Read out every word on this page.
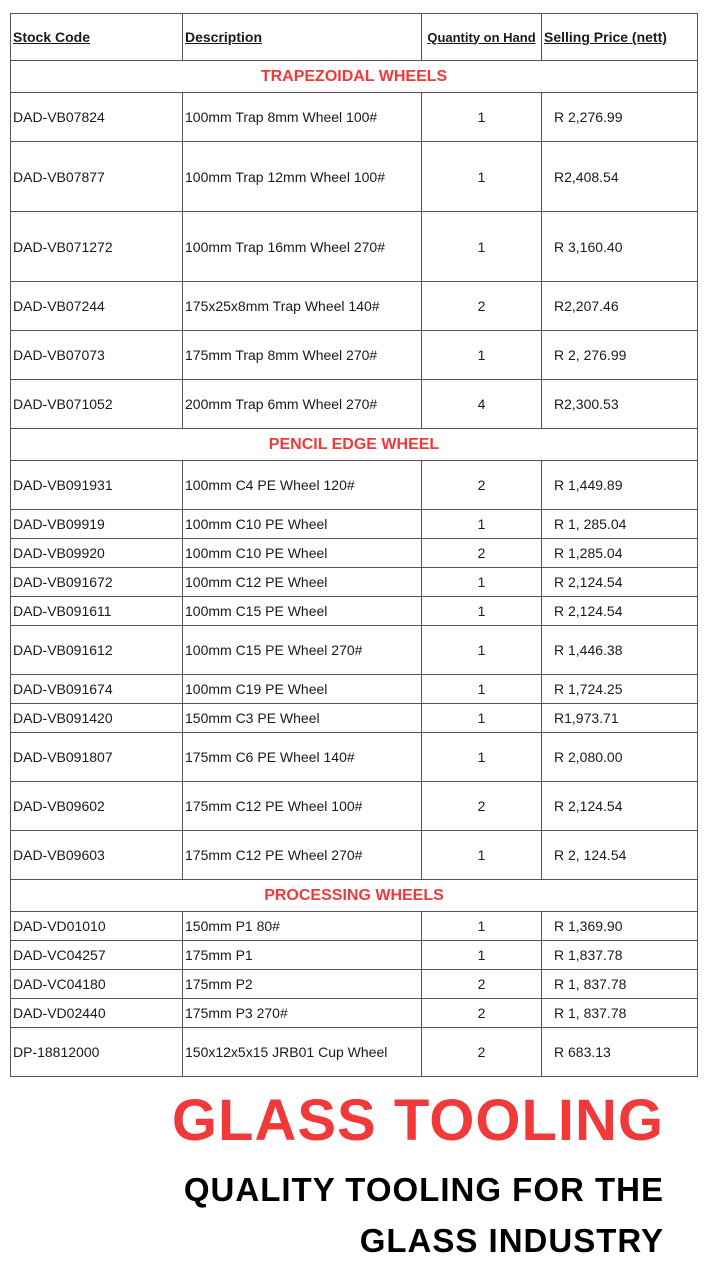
Stock Code	Description	Quantity on Hand	Selling Price (nett)
TRAPEZOIDAL WHEELS			
DAD-VB07824	100mm Trap 8mm Wheel 100#	1	R 2,276.99
DAD-VB07877	100mm Trap 12mm Wheel 100#	1	R2,408.54
DAD-VB071272	100mm Trap 16mm Wheel 270#	1	R 3,160.40
DAD-VB07244	175x25x8mm Trap Wheel 140#	2	R2,207.46
DAD-VB07073	175mm Trap 8mm Wheel 270#	1	R 2, 276.99
DAD-VB071052	200mm Trap 6mm Wheel 270#	4	R2,300.53
PENCIL EDGE WHEEL			
DAD-VB091931	100mm C4 PE Wheel 120#	2	R 1,449.89
DAD-VB09919	100mm C10 PE Wheel	1	R 1, 285.04
DAD-VB09920	100mm C10 PE Wheel	2	R 1,285.04
DAD-VB091672	100mm C12 PE Wheel	1	R 2,124.54
DAD-VB091611	100mm C15 PE Wheel	1	R 2,124.54
DAD-VB091612	100mm C15 PE Wheel 270#	1	R 1,446.38
DAD-VB091674	100mm C19 PE Wheel	1	R 1,724.25
DAD-VB091420	150mm C3 PE Wheel	1	R1,973.71
DAD-VB091807	175mm C6 PE Wheel 140#	1	R 2,080.00
DAD-VB09602	175mm C12 PE Wheel 100#	2	R 2,124.54
DAD-VB09603	175mm C12 PE Wheel 270#	1	R 2, 124.54
PROCESSING WHEELS			
DAD-VD01010	150mm P1 80#	1	R 1,369.90
DAD-VC04257	175mm P1	1	R 1,837.78
DAD-VC04180	175mm P2	2	R 1, 837.78
DAD-VD02440	175mm P3 270#	2	R 1, 837.78
DP-18812000	150x12x5x15 JRB01 Cup Wheel	2	R 683.13

GLASS TOOLING

QUALITY TOOLING FOR THE

GLASS INDUSTRY
